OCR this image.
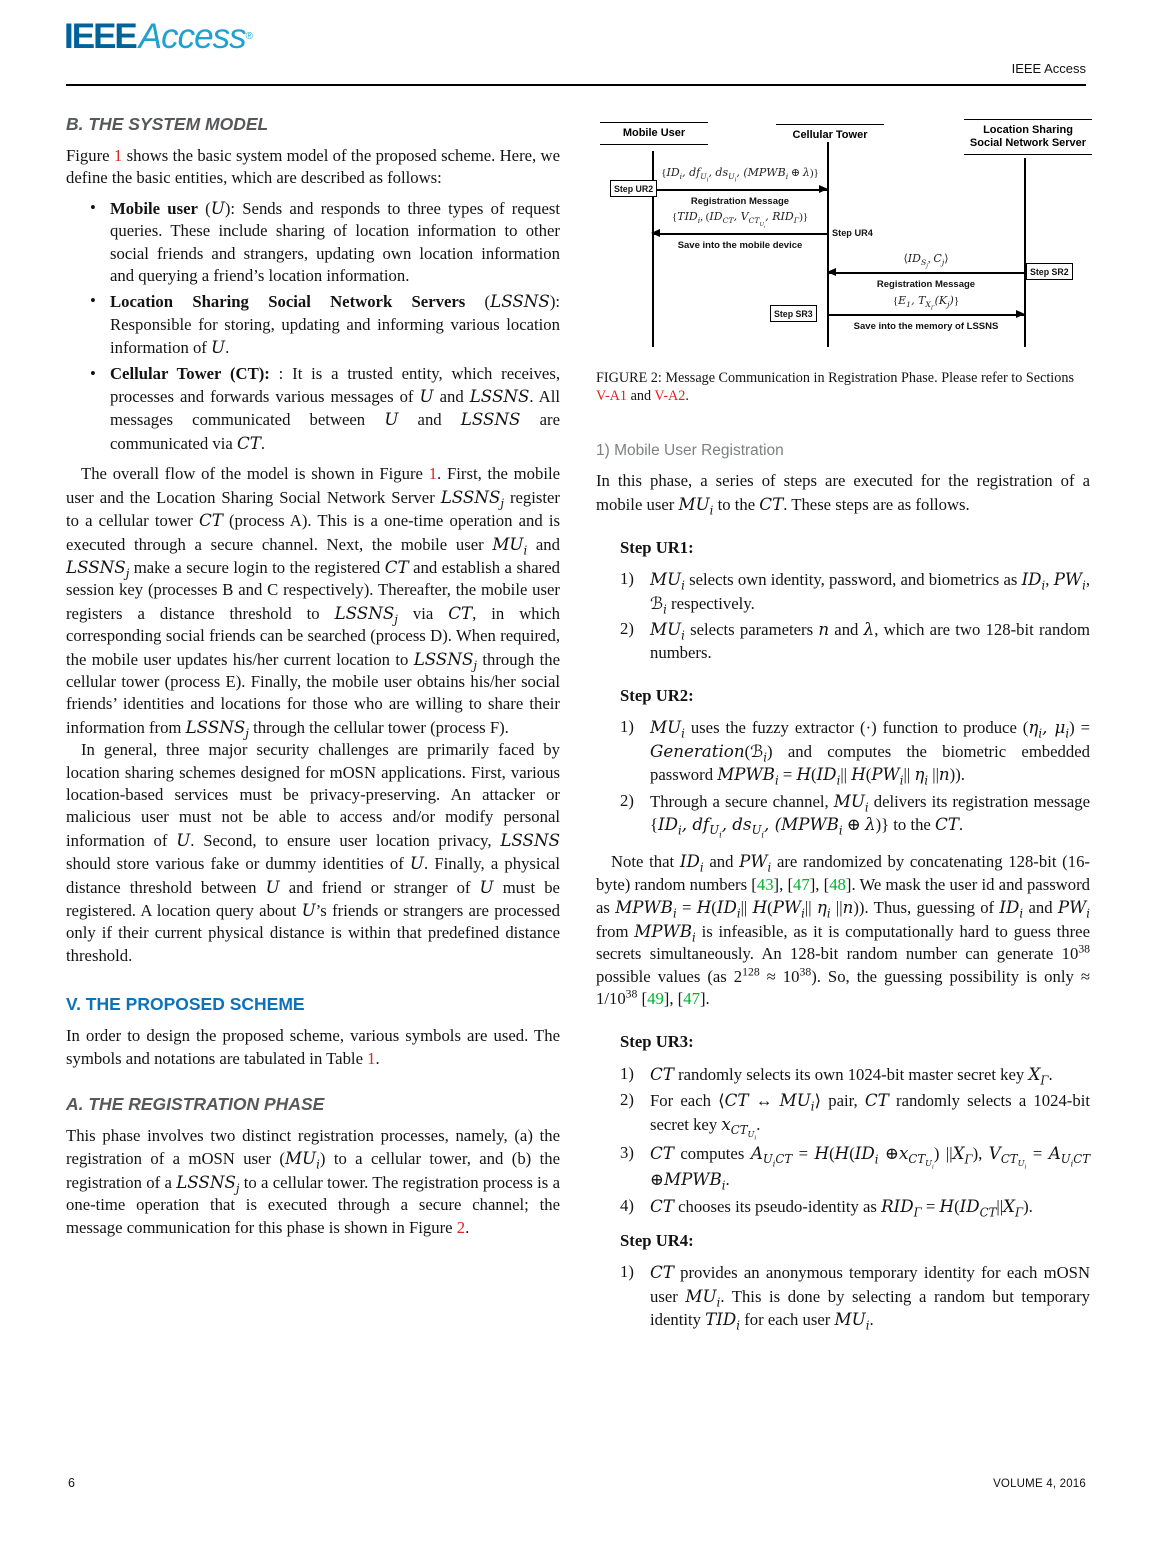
IEEEAccess®
IEEE Access
B. THE SYSTEM MODEL

Figure 1 shows the basic system model of the proposed scheme. Here, we define the basic entities, which are described as follows:

• Mobile user (U): Sends and responds to three types of request queries. These include sharing of location information to other social friends and strangers, updating own location information and querying a friend’s location information.
• Location Sharing Social Network Servers (LSSNS): Responsible for storing, updating and informing various location information of U.
• Cellular Tower (CT): : It is a trusted entity, which receives, processes and forwards various messages of U and LSSNS. All messages communicated between U and LSSNS are communicated via CT.

The overall flow of the model is shown in Figure 1. First, the mobile user and the Location Sharing Social Network Server $LSSNS_j$ register to a cellular tower CT (process A). This is a one-time operation and is executed through a secure channel. Next, the mobile user $MU_i$ and $LSSNS_j$ make a secure login to the registered CT and establish a shared session key (processes B and C respectively). Thereafter, the mobile user registers a distance threshold to $LSSNS_j$ via CT, in which corresponding social friends can be searched (process D). When required, the mobile user updates his/her current location to $LSSNS_j$ through the cellular tower (process E). Finally, the mobile user obtains his/her social friends’ identities and locations for those who are willing to share their information from $LSSNS_j$ through the cellular tower (process F).

In general, three major security challenges are primarily faced by location sharing schemes designed for mOSN applications. First, various location-based services must be privacy-preserving. An attacker or malicious user must not be able to access and/or modify personal information of U. Second, to ensure user location privacy, LSSNS should store various fake or dummy identities of U. Finally, a physical distance threshold between U and friend or stranger of U must be registered. A location query about U’s friends or strangers are processed only if their current physical distance is within that predefined distance threshold.

V. THE PROPOSED SCHEME

In order to design the proposed scheme, various symbols are used. The symbols and notations are tabulated in Table 1.

A. THE REGISTRATION PHASE

This phase involves two distinct registration processes, namely, (a) the registration of a mOSN user $(MU_i)$ to a cellular tower, and (b) the registration of a $LSSNS_j$ to a cellular tower. The registration process is a one-time operation that is executed through a secure channel; the message communication for this phase is shown in Figure 2.

Mobile User	Cellular Tower	Location Sharing Social Network Server
{$ID_i$, $df_{U_i}$, $ds_{U_i}$, ($MPWB_i$ ⊕ λ)}
Registration Message
Step UR2
{$TID_i$, ($ID_{CT}$, $V_{CT_{U_i}}$, $RID_\Gamma$)}
Save into the mobile device
Step UR4
$⟨ID_{S_j}$, $C_j⟩$
Registration Message
Step SR2
{$E_1$, $T_{X_\Gamma}(K_j)$}
Save into the memory of LSSNS
Step SR3

FIGURE 2: Message Communication in Registration Phase. Please refer to Sections V-A1 and V-A2.

1) Mobile User Registration

In this phase, a series of steps are executed for the registration of a mobile user $MU_i$ to the CT. These steps are as follows.

Step UR1:
1) $MU_i$ selects own identity, password, and biometrics as $ID_i$, $PW_i$, ℬ$_i$ respectively.
2) $MU_i$ selects parameters n and λ, which are two 128-bit random numbers.
Step UR2:
1) $MU_i$ uses the fuzzy extractor (·) function to produce ($\eta_i$, $\mu_i$) = Generation(ℬ$_i$) and computes the biometric embedded password $MPWB_i = H(ID_i||$ $H(PW_i||$ $\eta_i$ ||n)).
2) Through a secure channel, $MU_i$ delivers its registration message {$ID_i$, $df_{U_i}$, $ds_{U_i}$, ($MPWB_i$ ⊕ λ)} to the CT.

Note that $ID_i$ and $PW_i$ are randomized by concatenating 128-bit (16-byte) random numbers [43], [47], [48]. We mask the user id and password as $MPWB_i = H(ID_i||$ $H(PW_i||$ $\eta_i$ ||n)). Thus, guessing of $ID_i$ and $PW_i$ from $MPWB_i$ is infeasible, as it is computationally hard to guess three secrets simultaneously. An 128-bit random number can generate $10^{38}$ possible values (as $2^{128} \approx 10^{38}$). So, the guessing possibility is only ≈ $1/10^{38}$ [49], [47].

Step UR3:
1) CT randomly selects its own 1024-bit master secret key $X_\Gamma$.
2) For each ⟨CT ↔ $MU_i⟩$ pair, CT randomly selects a 1024-bit secret key $x_{CT_{U_i}}$.
3) CT computes $A_{U_iCT} = H(H(ID_i$ $\oplus x_{CT_{U_i}}$) $||X_\Gamma$), $V_{CT_{U_i}} = A_{U_iCT}$ $\oplus MPWB_i$.
4) CT chooses its pseudo-identity as $RID_\Gamma = H(ID_{CT}||X_\Gamma)$.
Step UR4:
1) CT provides an anonymous temporary identity for each mOSN user $MU_i$. This is done by selecting a random but temporary identity $TID_i$ for each user $MU_i$.
6	VOLUME 4, 2016
